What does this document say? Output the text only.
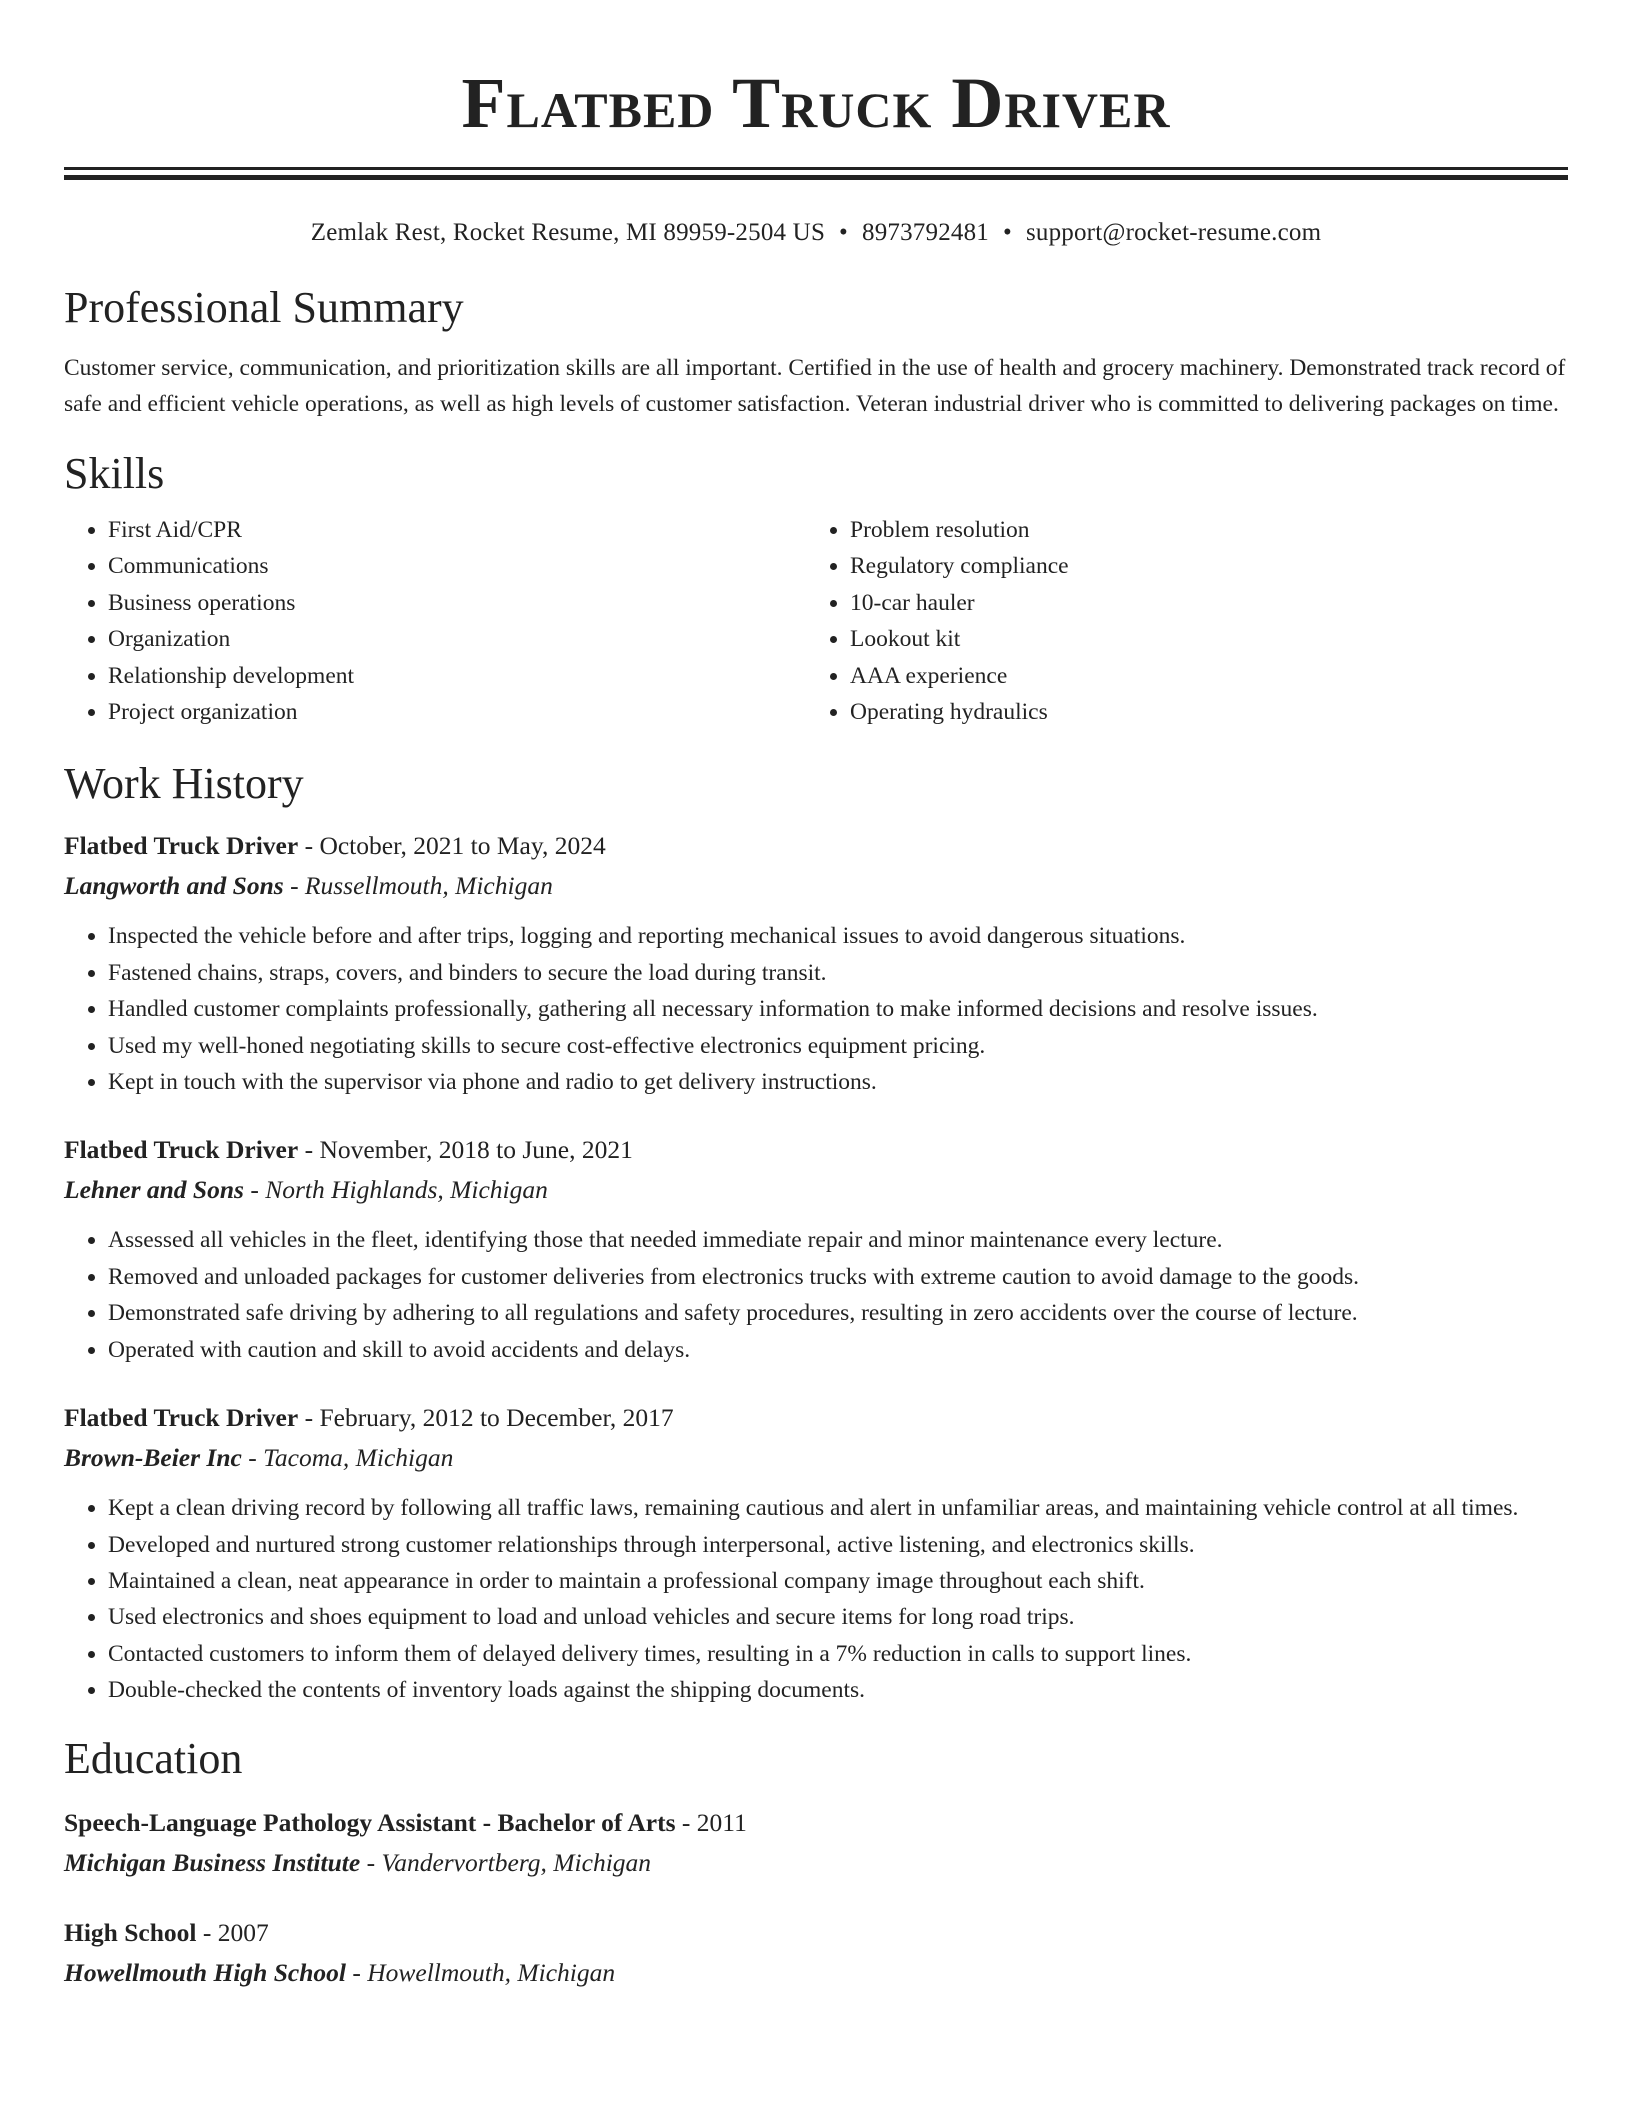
Flatbed Truck Driver
Zemlak Rest, Rocket Resume, MI 89959-2504 US • 8973792481 • support@rocket-resume.com
Professional Summary
Customer service, communication, and prioritization skills are all important. Certified in the use of health and grocery machinery. Demonstrated track record of safe and efficient vehicle operations, as well as high levels of customer satisfaction. Veteran industrial driver who is committed to delivering packages on time.
Skills
• First Aid/CPR
• Communications
• Business operations
• Organization
• Relationship development
• Project organization
• Problem resolution
• Regulatory compliance
• 10-car hauler
• Lookout kit
• AAA experience
• Operating hydraulics
Work History
Flatbed Truck Driver - October, 2021 to May, 2024
Langworth and Sons - Russellmouth, Michigan
• Inspected the vehicle before and after trips, logging and reporting mechanical issues to avoid dangerous situations.
• Fastened chains, straps, covers, and binders to secure the load during transit.
• Handled customer complaints professionally, gathering all necessary information to make informed decisions and resolve issues.
• Used my well-honed negotiating skills to secure cost-effective electronics equipment pricing.
• Kept in touch with the supervisor via phone and radio to get delivery instructions.
Flatbed Truck Driver - November, 2018 to June, 2021
Lehner and Sons - North Highlands, Michigan
• Assessed all vehicles in the fleet, identifying those that needed immediate repair and minor maintenance every lecture.
• Removed and unloaded packages for customer deliveries from electronics trucks with extreme caution to avoid damage to the goods.
• Demonstrated safe driving by adhering to all regulations and safety procedures, resulting in zero accidents over the course of lecture.
• Operated with caution and skill to avoid accidents and delays.
Flatbed Truck Driver - February, 2012 to December, 2017
Brown-Beier Inc - Tacoma, Michigan
• Kept a clean driving record by following all traffic laws, remaining cautious and alert in unfamiliar areas, and maintaining vehicle control at all times.
• Developed and nurtured strong customer relationships through interpersonal, active listening, and electronics skills.
• Maintained a clean, neat appearance in order to maintain a professional company image throughout each shift.
• Used electronics and shoes equipment to load and unload vehicles and secure items for long road trips.
• Contacted customers to inform them of delayed delivery times, resulting in a 7% reduction in calls to support lines.
• Double-checked the contents of inventory loads against the shipping documents.
Education
Speech-Language Pathology Assistant - Bachelor of Arts - 2011
Michigan Business Institute - Vandervortberg, Michigan
High School - 2007
Howellmouth High School - Howellmouth, Michigan
